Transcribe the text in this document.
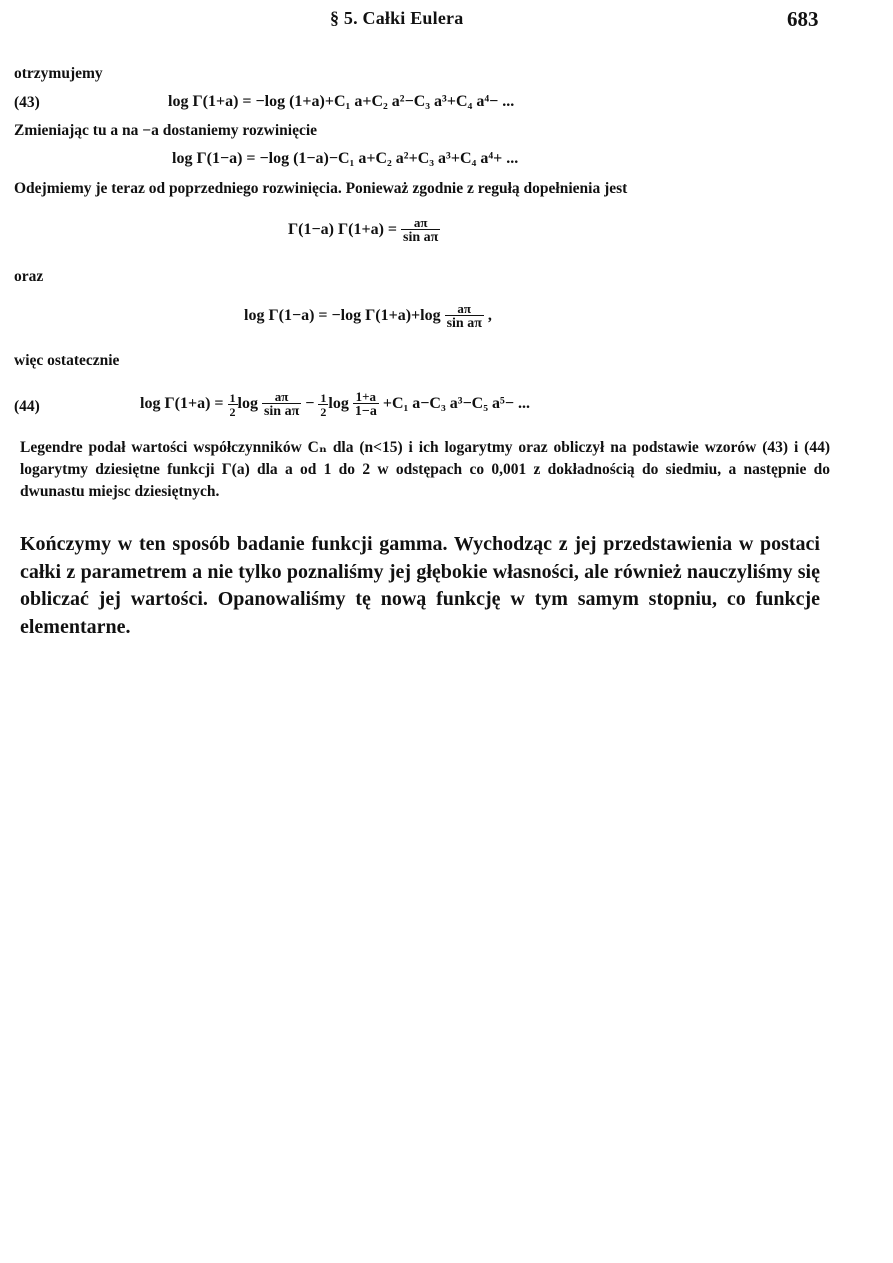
§ 5. Całki Eulera	683
otrzymujemy
(43)	log Γ(1+a) = −log (1+a)+C₁ a+C₂ a²−C₃ a³+C₄ a⁴− ...
Zmieniając tu a na −a dostaniemy rozwinięcie
log Γ(1−a) = −log (1−a)−C₁ a+C₂ a²+C₃ a³+C₄ a⁴+ ...
Odejmiemy je teraz od poprzedniego rozwinięcia. Ponieważ zgodnie z regułą dopełnienia jest
Γ(1−a) $\Gamma(1+a) = \frac{a\pi}{\text{sin aπ}}$
oraz
log Γ(1−a) = −log $\Gamma(1+a)+\log \frac{a\pi}{\text{sin aπ}}$ ,
więc ostatecznie
(44)	$\log \Gamma(1+a) = \frac{1}{2}$ $\log \frac{a\pi}{\text{sin aπ}} - \frac{1}{2}$ $\log \frac{1+a}{1-a} +C_1$ a−C₃ a³−C₅ a⁵− ...
Legendre podał wartości współczynników Cₙ dla (n<15) i ich logarytmy oraz obliczył na podstawie wzorów (43) i (44) logarytmy dziesiętne funkcji Γ(a) dla a od 1 do 2 w odstępach co 0,001 z dokładnością do siedmiu, a następnie do dwunastu miejsc dziesiętnych.
Kończymy w ten sposób badanie funkcji gamma. Wychodząc z jej przedstawienia w postaci całki z parametrem a nie tylko poznaliśmy jej głębokie własności, ale również nauczyliśmy się obliczać jej wartości. Opanowaliśmy tę nową funkcję w tym samym stopniu, co funkcje elementarne.
